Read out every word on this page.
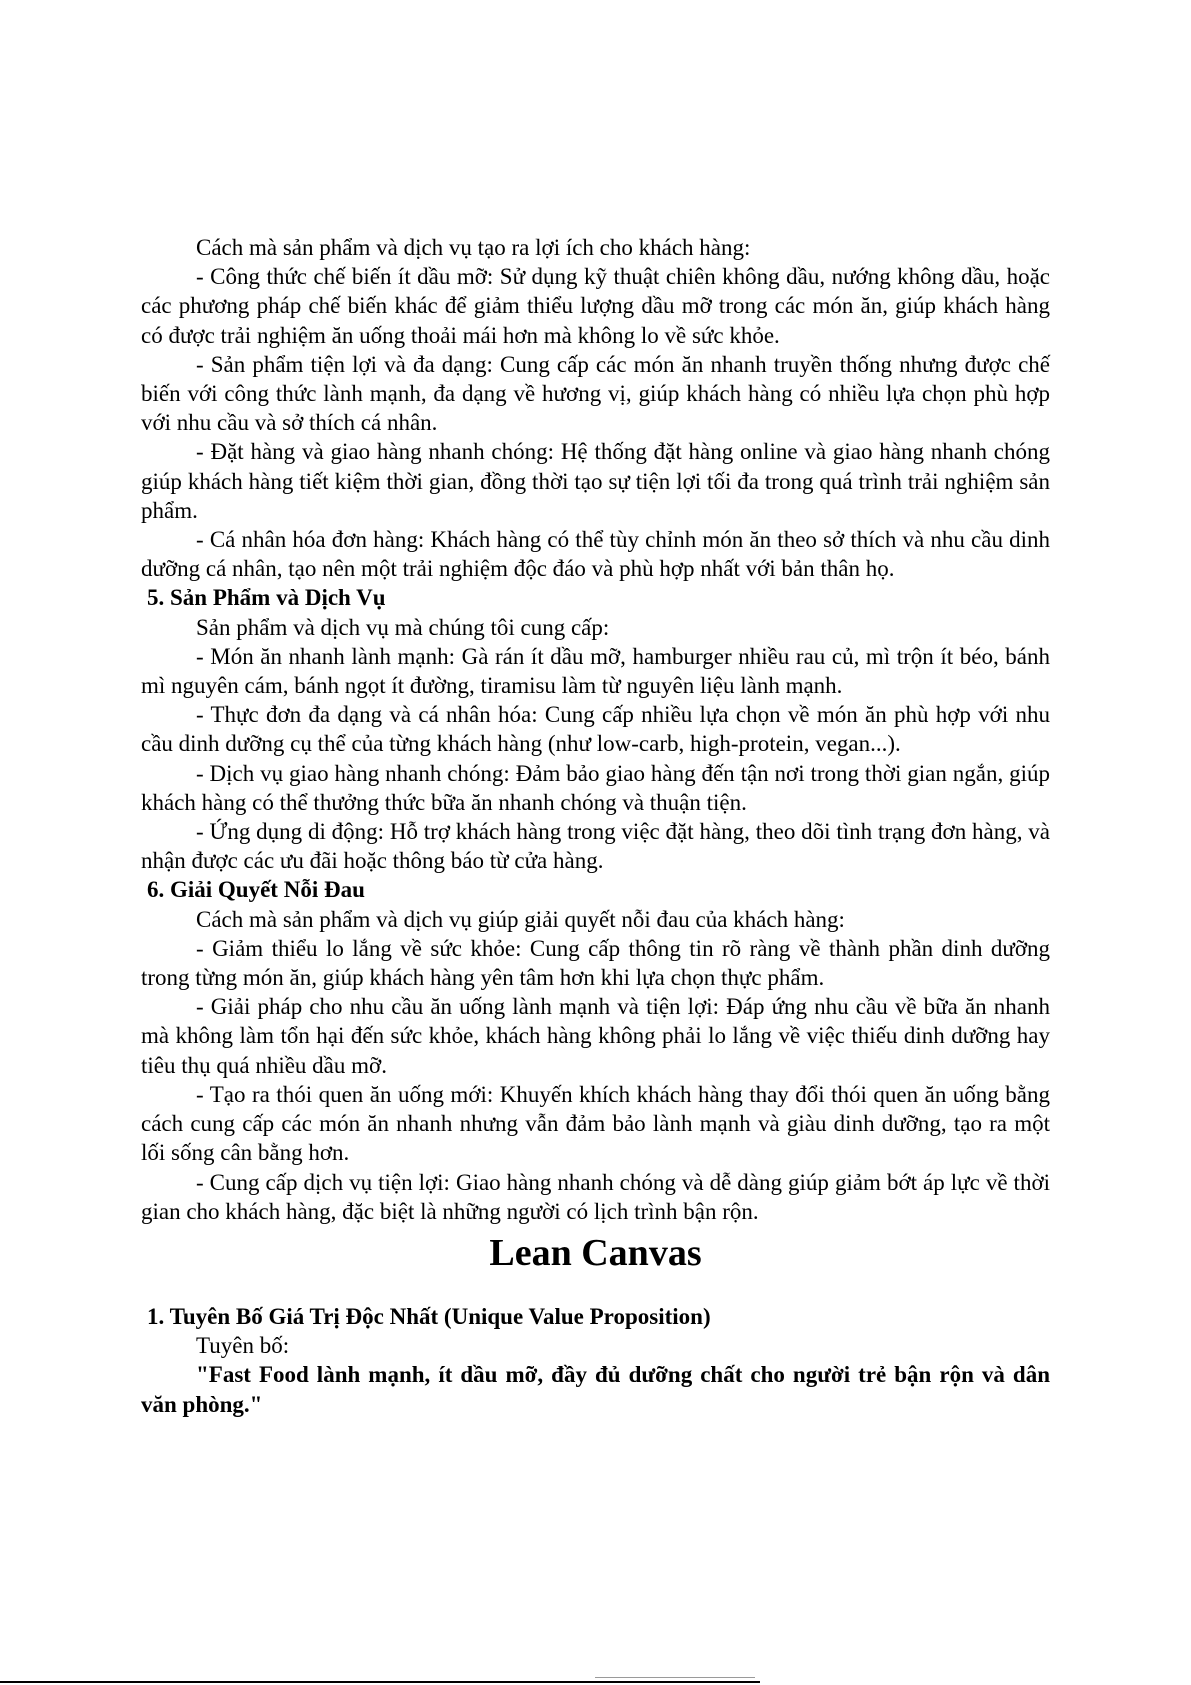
Cách mà sản phẩm và dịch vụ tạo ra lợi ích cho khách hàng:

- Công thức chế biến ít dầu mỡ: Sử dụng kỹ thuật chiên không dầu, nướng không dầu, hoặc các phương pháp chế biến khác để giảm thiểu lượng dầu mỡ trong các món ăn, giúp khách hàng có được trải nghiệm ăn uống thoải mái hơn mà không lo về sức khỏe.

- Sản phẩm tiện lợi và đa dạng: Cung cấp các món ăn nhanh truyền thống nhưng được chế biến với công thức lành mạnh, đa dạng về hương vị, giúp khách hàng có nhiều lựa chọn phù hợp với nhu cầu và sở thích cá nhân.

- Đặt hàng và giao hàng nhanh chóng: Hệ thống đặt hàng online và giao hàng nhanh chóng giúp khách hàng tiết kiệm thời gian, đồng thời tạo sự tiện lợi tối đa trong quá trình trải nghiệm sản phẩm.

- Cá nhân hóa đơn hàng: Khách hàng có thể tùy chỉnh món ăn theo sở thích và nhu cầu dinh dưỡng cá nhân, tạo nên một trải nghiệm độc đáo và phù hợp nhất với bản thân họ.

5. Sản Phẩm và Dịch Vụ

Sản phẩm và dịch vụ mà chúng tôi cung cấp:

- Món ăn nhanh lành mạnh: Gà rán ít dầu mỡ, hamburger nhiều rau củ, mì trộn ít béo, bánh mì nguyên cám, bánh ngọt ít đường, tiramisu làm từ nguyên liệu lành mạnh.

- Thực đơn đa dạng và cá nhân hóa: Cung cấp nhiều lựa chọn về món ăn phù hợp với nhu cầu dinh dưỡng cụ thể của từng khách hàng (như low-carb, high-protein, vegan...).

- Dịch vụ giao hàng nhanh chóng: Đảm bảo giao hàng đến tận nơi trong thời gian ngắn, giúp khách hàng có thể thưởng thức bữa ăn nhanh chóng và thuận tiện.

- Ứng dụng di động: Hỗ trợ khách hàng trong việc đặt hàng, theo dõi tình trạng đơn hàng, và nhận được các ưu đãi hoặc thông báo từ cửa hàng.

6. Giải Quyết Nỗi Đau

Cách mà sản phẩm và dịch vụ giúp giải quyết nỗi đau của khách hàng:

- Giảm thiểu lo lắng về sức khỏe: Cung cấp thông tin rõ ràng về thành phần dinh dưỡng trong từng món ăn, giúp khách hàng yên tâm hơn khi lựa chọn thực phẩm.

- Giải pháp cho nhu cầu ăn uống lành mạnh và tiện lợi: Đáp ứng nhu cầu về bữa ăn nhanh mà không làm tổn hại đến sức khỏe, khách hàng không phải lo lắng về việc thiếu dinh dưỡng hay tiêu thụ quá nhiều dầu mỡ.

- Tạo ra thói quen ăn uống mới: Khuyến khích khách hàng thay đổi thói quen ăn uống bằng cách cung cấp các món ăn nhanh nhưng vẫn đảm bảo lành mạnh và giàu dinh dưỡng, tạo ra một lối sống cân bằng hơn.

- Cung cấp dịch vụ tiện lợi: Giao hàng nhanh chóng và dễ dàng giúp giảm bớt áp lực về thời gian cho khách hàng, đặc biệt là những người có lịch trình bận rộn.

Lean Canvas

1. Tuyên Bố Giá Trị Độc Nhất (Unique Value Proposition)

Tuyên bố:

"Fast Food lành mạnh, ít dầu mỡ, đầy đủ dưỡng chất cho người trẻ bận rộn và dân văn phòng."
